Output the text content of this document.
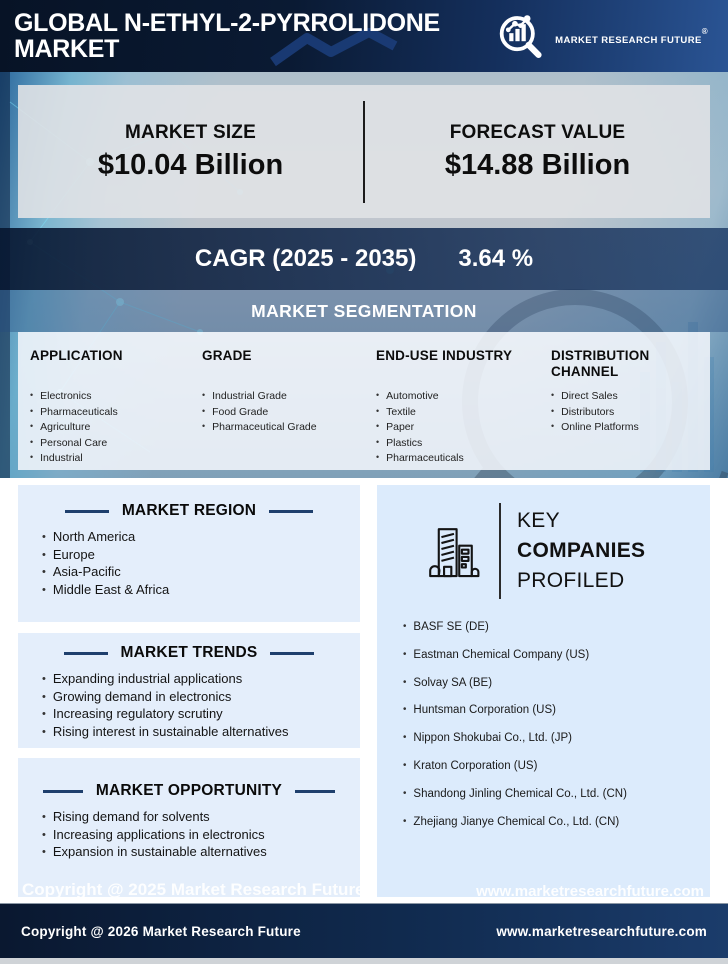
GLOBAL N-ETHYL-2-PYRROLIDONE
MARKET	MARKET RESEARCH FUTURE®
MARKET SIZE
$10.04 Billion
FORECAST VALUE
$14.88 Billion
CAGR (2025 - 2035) 3.64 %
MARKET SEGMENTATION
APPLICATION
• Electronics
• Pharmaceuticals
• Agriculture
• Personal Care
• Industrial
GRADE
• Industrial Grade
• Food Grade
• Pharmaceutical Grade
END-USE INDUSTRY
• Automotive
• Textile
• Paper
• Plastics
• Pharmaceuticals
DISTRIBUTION CHANNEL
• Direct Sales
• Distributors
• Online Platforms
MARKET REGION
• North America
• Europe
• Asia-Pacific
• Middle East & Africa
MARKET TRENDS
• Expanding industrial applications
• Growing demand in electronics
• Increasing regulatory scrutiny
• Rising interest in sustainable alternatives
MARKET OPPORTUNITY
• Rising demand for solvents
• Increasing applications in electronics
• Expansion in sustainable alternatives
KEY
COMPANIES
PROFILED
• BASF SE (DE)
• Eastman Chemical Company (US)
• Solvay SA (BE)
• Huntsman Corporation (US)
• Nippon Shokubai Co., Ltd. (JP)
• Kraton Corporation (US)
• Shandong Jinling Chemical Co., Ltd. (CN)
• Zhejiang Jianye Chemical Co., Ltd. (CN)
Copyright @ 2025 Market Research Future	www.marketresearchfuture.com
Copyright @ 2026 Market Research Future	www.marketresearchfuture.com
